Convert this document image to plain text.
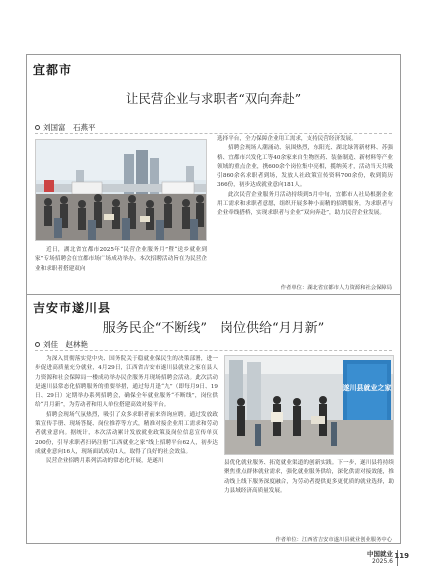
宜都市
让民营企业与求职者“双向奔赴”
刘国富　石燕平

近日，湖北省宜都市2025年“民营企业服务月”暨“送乡就业到家”专场招聘会在宜都市场广场成功举办。本次招聘活动旨在为民营企业和求职者搭建双向

选择平台，全力保障企业用工需求，支持民营经济发展。

招聘会现场人潮涌动、氛围热烈，东阳光、湖北绿箐新材料、苏强格、宜都市兴发化工等40余家来自生物医药、装备制造、新材料等产业领域的重点企业，携600余个岗位集中亮相，揽纳英才，活动当天共吸引860余名求职者到场，发放人社政策宣传资料700余份，收到简历366份，初步达成就业意向181人。

此次民营企业服务月活动持续到5月中旬，宜都市人社局根据企业用工需求和求职者意愿，组织开展多种小而精的招聘服务，为求职者与企业牵线搭桥，实现求职者与企业“双向奔赴”，助力民营企业发展。

作者单位：湖北省宜都市人力资源和社会保障局
吉安市遂川县
服务民企“不断线”　岗位供给“月月新”
刘佳　赵林艳

为深入贯彻落实党中央、国务院关于稳就业保民生的决策部署，进一步促进高质量充分就业，4月29日，江西省吉安市遂川县就业之家在县人力资源和社会保障局一楼成功举办民企服务月现场招聘会活动。此次活动是遂川县常态化招聘服务的重要举措，通过每月逢“九”（即每月9日、19日、29日）定期举办系列招聘会，确保全年就业服务“不断线”，岗位供给“月月新”，为劳动者和用人单位搭建高效对接平台。

招聘会现场气氛热烈，吸引了众多求职者前来咨询应聘。通过发放政策宣传手册、现场答疑、岗位推荐等方式，精准对接企业用工需求和劳动者就业意向。据统计，本次活动累计发放就业政策及岗位信息宣传单页200份，引导求职者扫码注册“江西就业之家”线上招聘平台62人，初步达成就业意向16人，现场面试成功1人，取得了良好的社会效益。

民营企业招聘月系列活动的常态化开展，是遂川

遂川县就业之家

县优化就业服务、拓宽就业渠道的创新实践。下一步，遂川县将持续聚焦重点群体就业需求，强化就业服务供给，深化供需对接效能，推动线上线下服务深度融合，为劳动者提供更多更优质的就业选择，助力县域经济高质量发展。

作者单位：江西省吉安市遂川县就业创业服务中心
中国就业
2025.6
119
